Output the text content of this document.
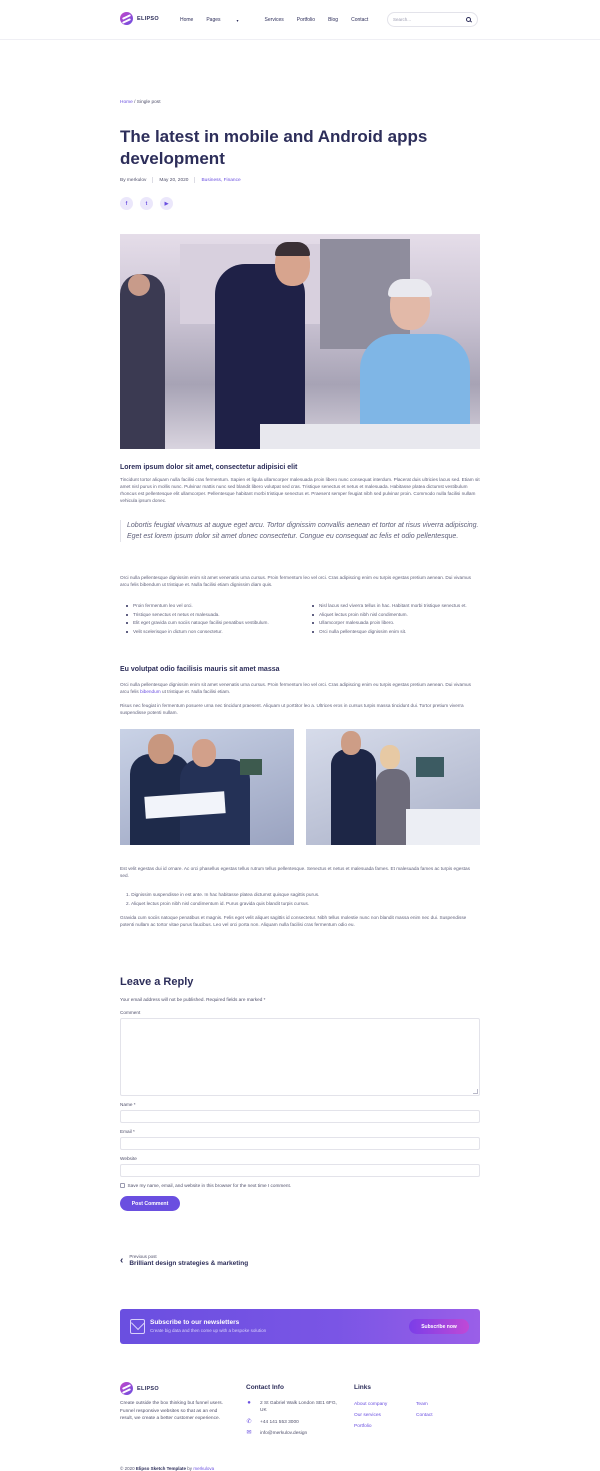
ELIPSO	Home	Pages	▾	Services	Portfolio	Blog	Contact	Search...
Home / Single post
The latest in mobile and Android apps development
By merkulov	May 20, 2020	Business, Finance
f	t	▶
Lorem ipsum dolor sit amet, consectetur adipisici elit

Tincidunt tortor aliquam nulla facilisi cras fermentum. Sapien et ligula ullamcorper malesuada proin libero nunc consequat interdum. Placerat duis ultricies lacus sed. Etiam sit amet nisl purus in mollis nunc. Pulvinar mattis nunc sed blandit libero volutpat sed cras. Tristique senectus et netus et malesuada. Habitasse platea dictumst vestibulum rhoncus est pellentesque elit ullamcorper. Pellentesque habitant morbi tristique senectus et. Praesent semper feugiat nibh sed pulvinar proin. Commodo nulla facilisi nullam vehicula ipsum donec.

Lobortis feugiat vivamus at augue eget arcu. Tortor dignissim convallis aenean et tortor at risus viverra adipiscing. Eget est lorem ipsum dolor sit amet donec consectetur. Congue eu consequat ac felis et odio pellentesque.

Orci nulla pellentesque dignissim enim sit amet venenatis urna cursus. Proin fermentum leo vel orci. Cras adipiscing enim eu turpis egestas pretium aenean. Dui vivamus arcu felis bibendum ut tristique et. Nulla facilisi etiam dignissim diam quis.

Proin fermentum leo vel orci.
Tristique senectus et netus et malesuada.
Elit eget gravida cum sociis natoque facilisi penatibus vestibulum.
Velit scelerisque in dictum non consectetur.
Nisl lacus sed viverra tellus in hac. Habitant morbi tristique senectus et.
Aliquet lectus proin nibh nisl condimentum.
Ullamcorper malesuada proin libero.
Orci nulla pellentesque dignissim enim sit.
Eu volutpat odio facilisis mauris sit amet massa

Orci nulla pellentesque dignissim enim sit amet venenatis urna cursus. Proin fermentum leo vel orci. Cras adipiscing enim eu turpis egestas pretium aenean. Dui vivamus arcu felis bibendum ut tristique et. Nulla facilisi etiam.

Risus nec feugiat in fermentum posuere urna nec tincidunt praesent. Aliquam ut porttitor leo a. Ultrices eros in cursus turpis massa tincidunt dui. Tortor pretium viverra suspendisse potenti nullam.

Est velit egestas dui id ornare. Ac orci phasellus egestas tellus rutrum tellus pellentesque. Senectus et netus et malesuada fames. Et malesuada fames ac turpis egestas sed.

1. Dignissim suspendisse in est ante. In hac habitasse platea dictumst quisque sagittis purus.
2. Aliquet lectus proin nibh nisl condimentum id. Purus gravida quis blandit turpis cursus.

Gravida cum sociis natoque penatibus et magnis. Felis eget velit aliquet sagittis id consectetur. Nibh tellus molestie nunc non blandit massa enim nec dui. Suspendisse potenti nullam ac tortor vitae purus faucibus. Leo vel orci porta non. Aliquam nulla facilisi cras fermentum odio eu.

Leave a Reply
Your email address will not be published. Required fields are marked *
Comment
Name *
Email *
Website
Save my name, email, and website in this browser for the next time I comment.
Post Comment
‹ Previous post
Brilliant design strategies & marketing
Subscribe to our newsletters
Create big data and then come up with a bespoke solution
Subscribe now
ELIPSO

Create outside the box thinking but funnel users. Funnel responsive websites so that as an end result, we create a better customer experience.

Contact Info
● 2 St Gabriel Walk London SE1 6FG, UK
✆ +44 141 553 3000
✉ info@merkulov.design
Links
About company
Our services
Portfolio
Team
Contact
© 2020 Elipso Sketch Template by merkulova
